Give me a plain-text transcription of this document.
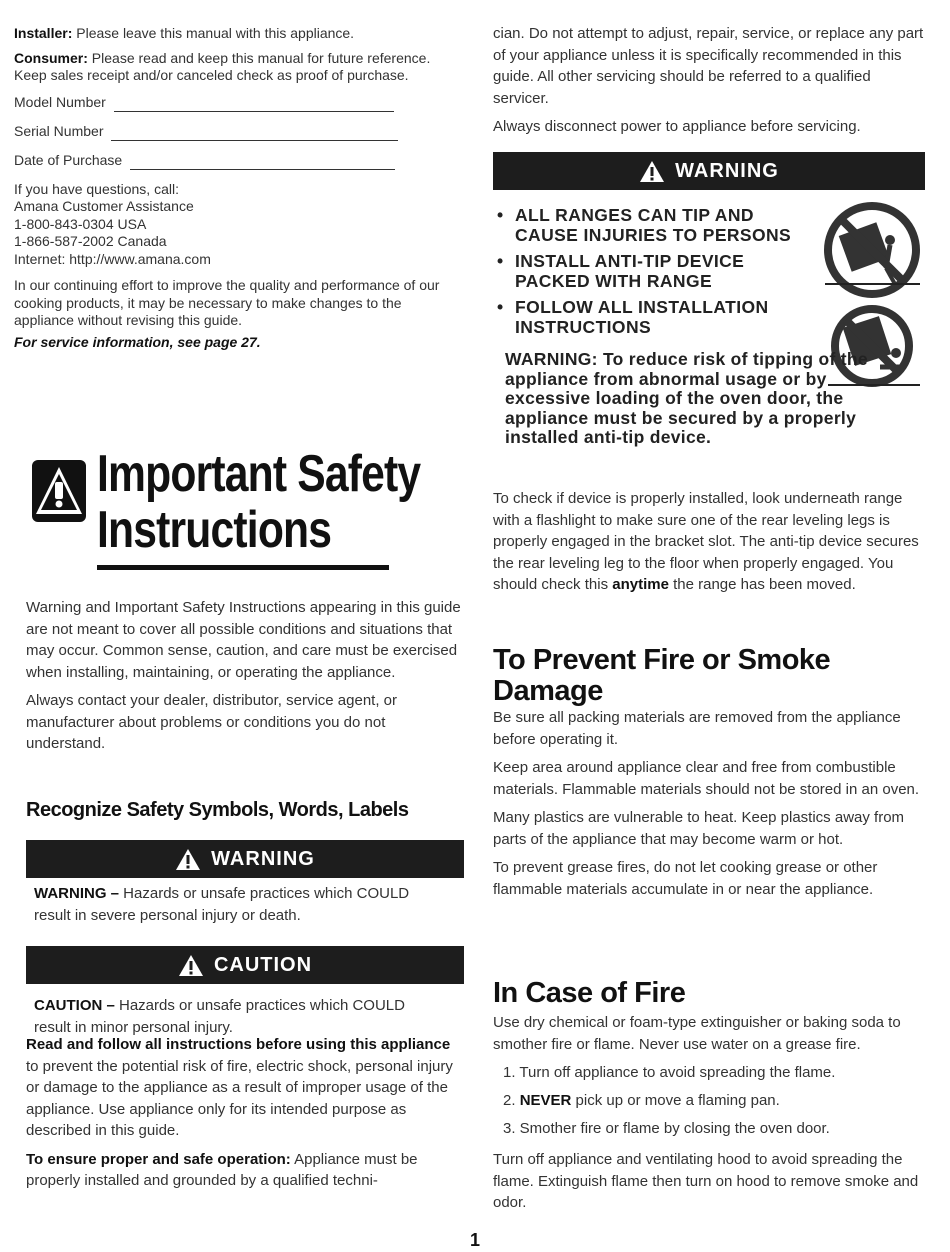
Installer: Please leave this manual with this appliance.

Consumer: Please read and keep this manual for future reference. Keep sales receipt and/or canceled check as proof of purchase.

Model Number
Serial Number
Date of Purchase

If you have questions, call:

Amana Customer Assistance

1-800-843-0304 USA

1-866-587-2002 Canada

Internet: http://www.amana.com

In our continuing effort to improve the quality and performance of our cooking products, it may be necessary to make changes to the appliance without revising this guide.

For service information, see page 27.

Important Safety
Instructions

Warning and Important Safety Instructions appearing in this guide are not meant to cover all possible conditions and situations that may occur. Common sense, caution, and care must be exercised when installing, maintaining, or operating the appliance.

Always contact your dealer, distributor, service agent, or manufacturer about problems or conditions you do not understand.

Recognize Safety Symbols, Words, Labels
WARNING

WARNING – Hazards or unsafe practices which COULD result in severe personal injury or death.

CAUTION

CAUTION – Hazards or unsafe practices which COULD result in minor personal injury.

Read and follow all instructions before using this appliance to prevent the potential risk of fire, electric shock, personal injury or damage to the appliance as a result of improper usage of the appliance. Use appliance only for its intended purpose as described in this guide.

To ensure proper and safe operation: Appliance must be properly installed and grounded by a qualified techni-

cian. Do not attempt to adjust, repair, service, or replace any part of your appliance unless it is specifically recommended in this guide. All other servicing should be referred to a qualified servicer.

Always disconnect power to appliance before servicing.

WARNING
• ALL RANGES CAN TIP AND CAUSE INJURIES TO PERSONS
• INSTALL ANTI-TIP DEVICE PACKED WITH RANGE
• FOLLOW ALL INSTALLATION INSTRUCTIONS

WARNING: To reduce risk of tipping of the appliance from abnormal usage or by excessive loading of the oven door, the appliance must be secured by a properly installed anti-tip device.

To check if device is properly installed, look underneath range with a flashlight to make sure one of the rear leveling legs is properly engaged in the bracket slot. The anti-tip device secures the rear leveling leg to the floor when properly engaged. You should check this anytime the range has been moved.

To Prevent Fire or Smoke Damage

Be sure all packing materials are removed from the appliance before operating it.

Keep area around appliance clear and free from combustible materials. Flammable materials should not be stored in an oven.

Many plastics are vulnerable to heat. Keep plastics away from parts of the appliance that may become warm or hot.

To prevent grease fires, do not let cooking grease or other flammable materials accumulate in or near the appliance.

In Case of Fire

Use dry chemical or foam-type extinguisher or baking soda to smother fire or flame. Never use water on a grease fire.

1. Turn off appliance to avoid spreading the flame.
2. NEVER pick up or move a flaming pan.
3. Smother fire or flame by closing the oven door.

Turn off appliance and ventilating hood to avoid spreading the flame. Extinguish flame then turn on hood to remove smoke and odor.

1
